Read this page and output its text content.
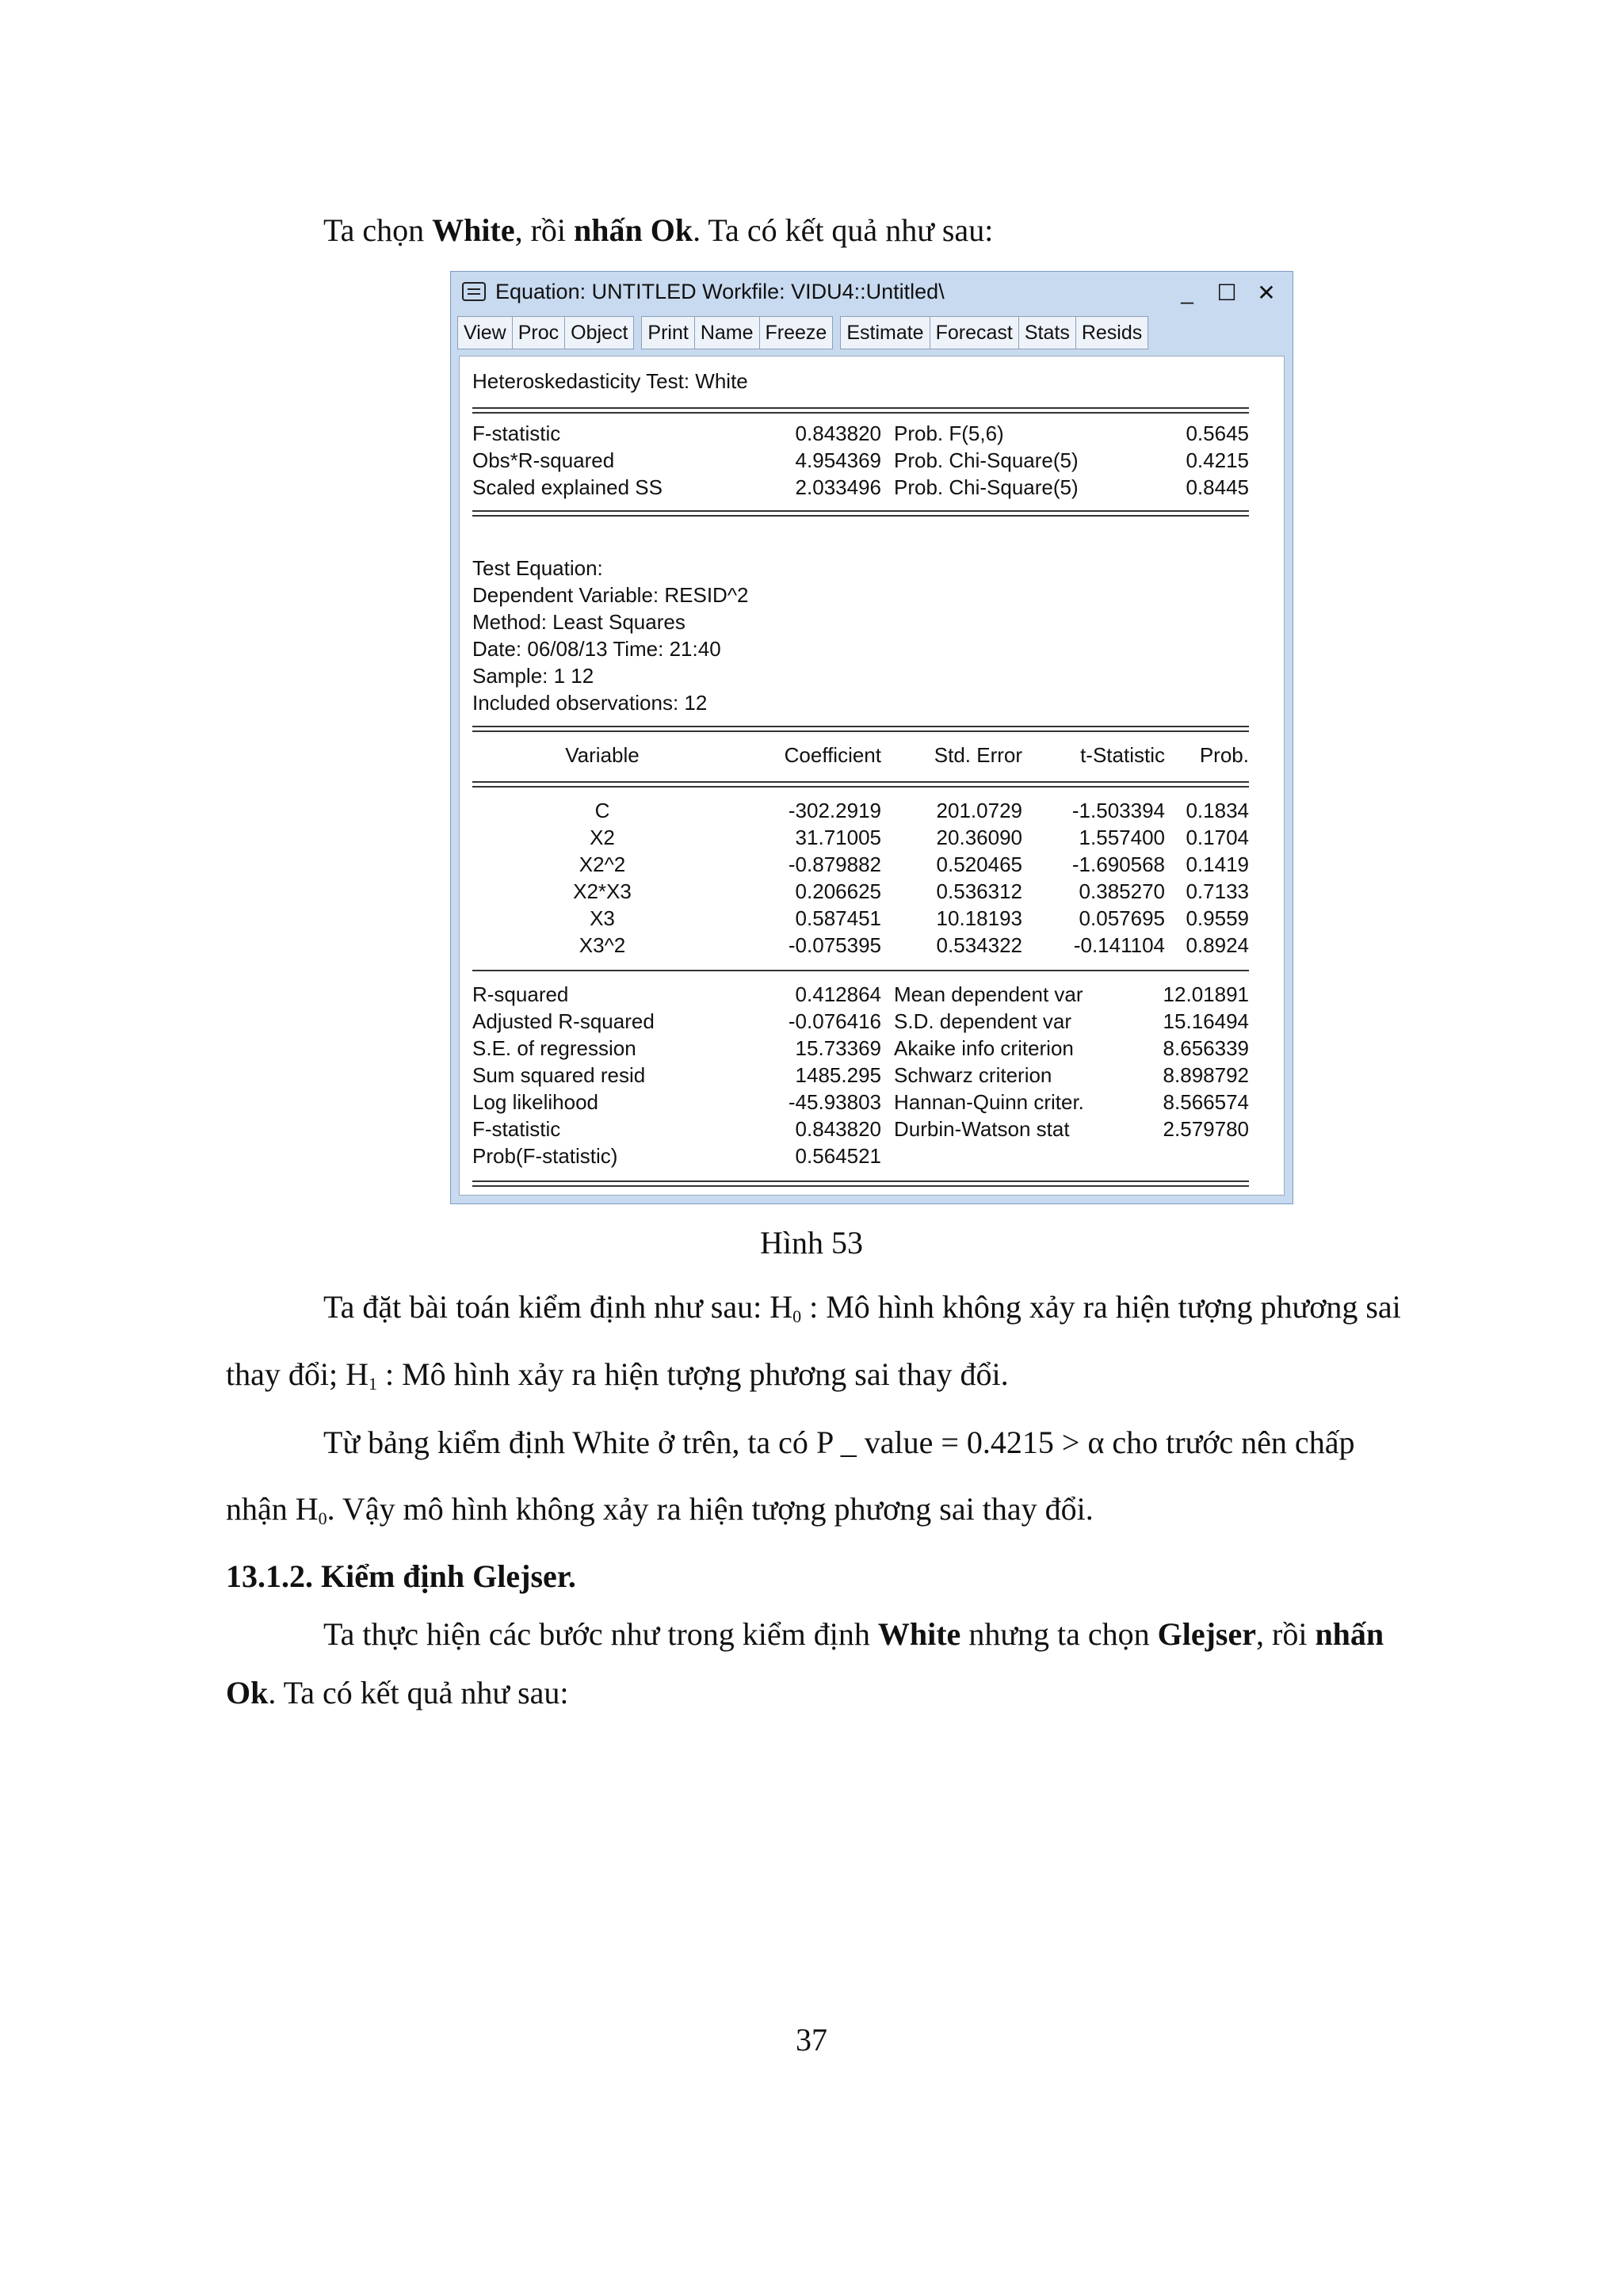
Ta chọn White, rồi nhấn Ok. Ta có kết quả như sau:

Equation: UNTITLED Workfile: VIDU4::Untitled\	_ ☐ ✕
View Proc Object	Print Name Freeze	Estimate Forecast Stats Resids
Heteroskedasticity Test: White
F-statistic	0.843820 Prob. F(5,6)	0.5645
Obs*R-squared	4.954369 Prob. Chi-Square(5)	0.4215
Scaled explained SS	2.033496 Prob. Chi-Square(5)	0.8445
Test Equation:
Dependent Variable: RESID^2
Method: Least Squares
Date: 06/08/13 Time: 21:40
Sample: 1 12
Included observations: 12
Variable	Coefficient	Std. Error	t-Statistic	Prob.
C	-302.2919	201.0729	-1.503394	0.1834
X2	31.71005	20.36090	1.557400	0.1704
X2^2	-0.879882	0.520465	-1.690568	0.1419
X2*X3	0.206625	0.536312	0.385270	0.7133
X3	0.587451	10.18193	0.057695	0.9559
X3^2	-0.075395	0.534322	-0.141104	0.8924
R-squared	0.412864 Mean dependent var	12.01891
Adjusted R-squared	-0.076416 S.D. dependent var	15.16494
S.E. of regression	15.73369 Akaike info criterion	8.656339
Sum squared resid	1485.295 Schwarz criterion	8.898792
Log likelihood	-45.93803 Hannan-Quinn criter.	8.566574
F-statistic	0.843820 Durbin-Watson stat	2.579780
Prob(F-statistic)	0.564521
Hình 53

Ta đặt bài toán kiểm định như sau: $H_0$ : Mô hình không xảy ra hiện tượng phương sai

thay đổi; $H_1$ : Mô hình xảy ra hiện tượng phương sai thay đổi.

Từ bảng kiểm định White ở trên, ta có P _ value = 0.4215 > α cho trước nên chấp

nhận $H_0$. Vậy mô hình không xảy ra hiện tượng phương sai thay đổi.

13.1.2. Kiểm định Glejser.

Ta thực hiện các bước như trong kiểm định White nhưng ta chọn Glejser, rồi nhấn

Ok. Ta có kết quả như sau:

37
